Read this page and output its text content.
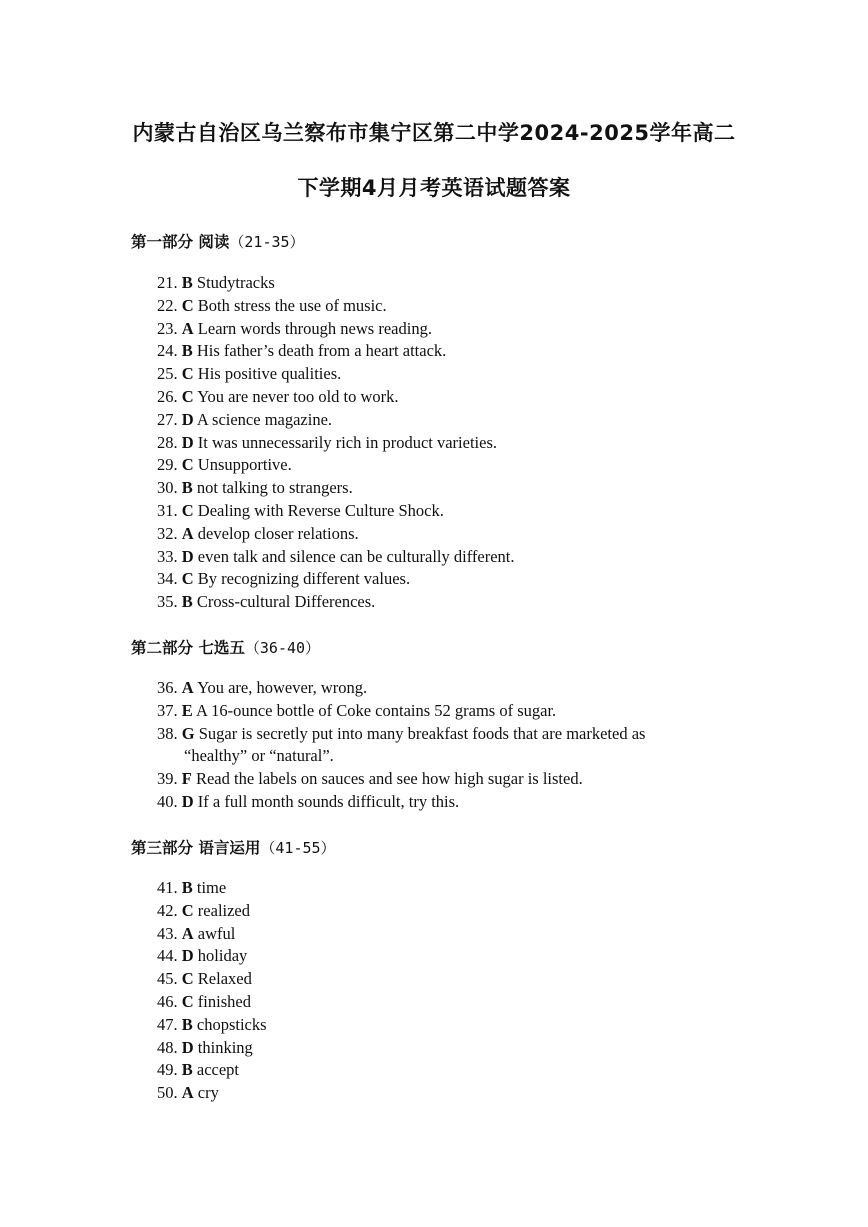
内蒙古自治区乌兰察布市集宁区第二中学2024-2025学年高二
下学期4月月考英语试题答案
第一部分 阅读（21-35）
21. B Studytracks
22. C Both stress the use of music.
23. A Learn words through news reading.
24. B His father’s death from a heart attack.
25. C His positive qualities.
26. C You are never too old to work.
27. D A science magazine.
28. D It was unnecessarily rich in product varieties.
29. C Unsupportive.
30. B not talking to strangers.
31. C Dealing with Reverse Culture Shock.
32. A develop closer relations.
33. D even talk and silence can be culturally different.
34. C By recognizing different values.
35. B Cross-cultural Differences.
第二部分 七选五（36-40）
36. A You are, however, wrong.
37. E A 16-ounce bottle of Coke contains 52 grams of sugar.
38. G Sugar is secretly put into many breakfast foods that are marketed as
“healthy” or “natural”.
39. F Read the labels on sauces and see how high sugar is listed.
40. D If a full month sounds difficult, try this.
第三部分 语言运用（41-55）
41. B time
42. C realized
43. A awful
44. D holiday
45. C Relaxed
46. C finished
47. B chopsticks
48. D thinking
49. B accept
50. A cry
